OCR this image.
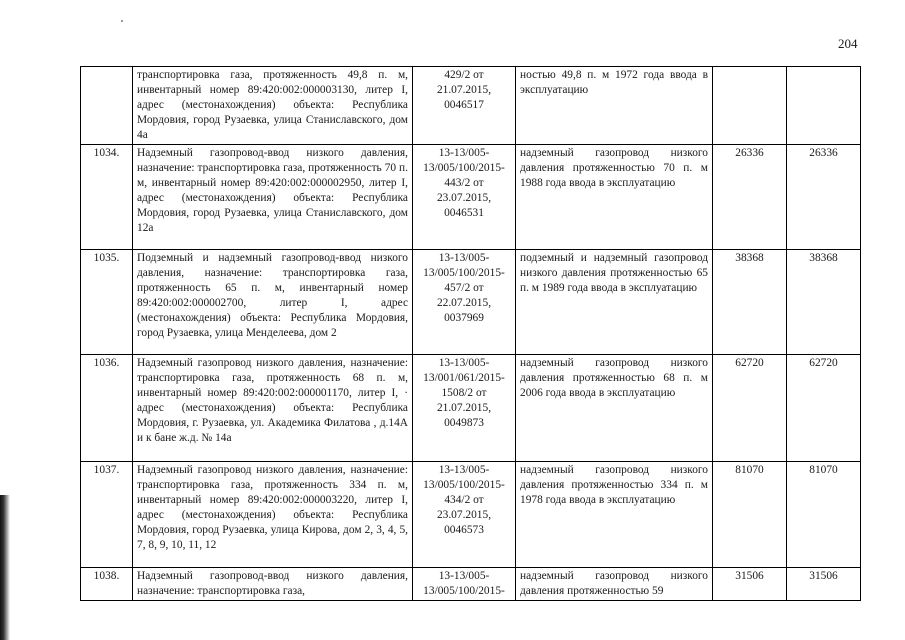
204
	транспортировка газа, протяженность 49,8 п. м, инвентарный номер 89:420:002:000003130, литер I, адрес (местонахождения) объекта: Республика Мордовия, город Рузаевка, улица Станиславского, дом 4а	429/2 от 21.07.2015, 0046517	ностью 49,8 п. м 1972 года ввода в эксплуатацию		
1034.	Надземный газопровод-ввод низкого давления, назначение: транспортировка газа, протяженность 70 п. м, инвентарный номер 89:420:002:000002950, литер I, адрес (местонахождения) объекта: Республика Мордовия, город Рузаевка, улица Станиславского, дом 12а	13-13/005-13/005/100/2015-443/2 от 23.07.2015, 0046531	надземный газопровод низкого давления протяженностью 70 п. м 1988 года ввода в эксплуатацию	26336	26336
1035.	Подземный и надземный газопровод-ввод низкого давления, назначение: транспортировка газа, протяженность 65 п. м, инвентарный номер 89:420:002:000002700, литер I, адрес (местонахождения) объекта: Республика Мордовия, город Рузаевка, улица Менделеева, дом 2	13-13/005-13/005/100/2015-457/2 от 22.07.2015, 0037969	подземный и надземный газопровод низкого давления протяженностью 65 п. м 1989 года ввода в эксплуатацию	38368	38368
1036.	Надземный газопровод низкого давления, назначение: транспортировка газа, протяженность 68 п. м, инвентарный номер 89:420:002:000001170, литер I, · адрес (местонахождения) объекта: Республика Мордовия, г. Рузаевка, ул. Академика Филатова , д.14А и к бане ж.д. № 14а	13-13/005-13/001/061/2015-1508/2 от 21.07.2015, 0049873	надземный газопровод низкого давления протяженностью 68 п. м 2006 года ввода в эксплуатацию	62720	62720
1037.	Надземный газопровод низкого давления, назначение: транспортировка газа, протяженность 334 п. м, инвентарный номер 89:420:002:000003220, литер I, адрес (местонахождения) объекта: Республика Мордовия, город Рузаевка, улица Кирова, дом 2, 3, 4, 5, 7, 8, 9, 10, 11, 12	13-13/005-13/005/100/2015-434/2 от 23.07.2015, 0046573	надземный газопровод низкого давления протяженностью 334 п. м 1978 года ввода в эксплуатацию	81070	81070
1038.	Надземный газопровод-ввод низкого давления, назначение: транспортировка газа,	13-13/005-13/005/100/2015-	надземный газопровод низкого давления протяженностью 59	31506	31506
